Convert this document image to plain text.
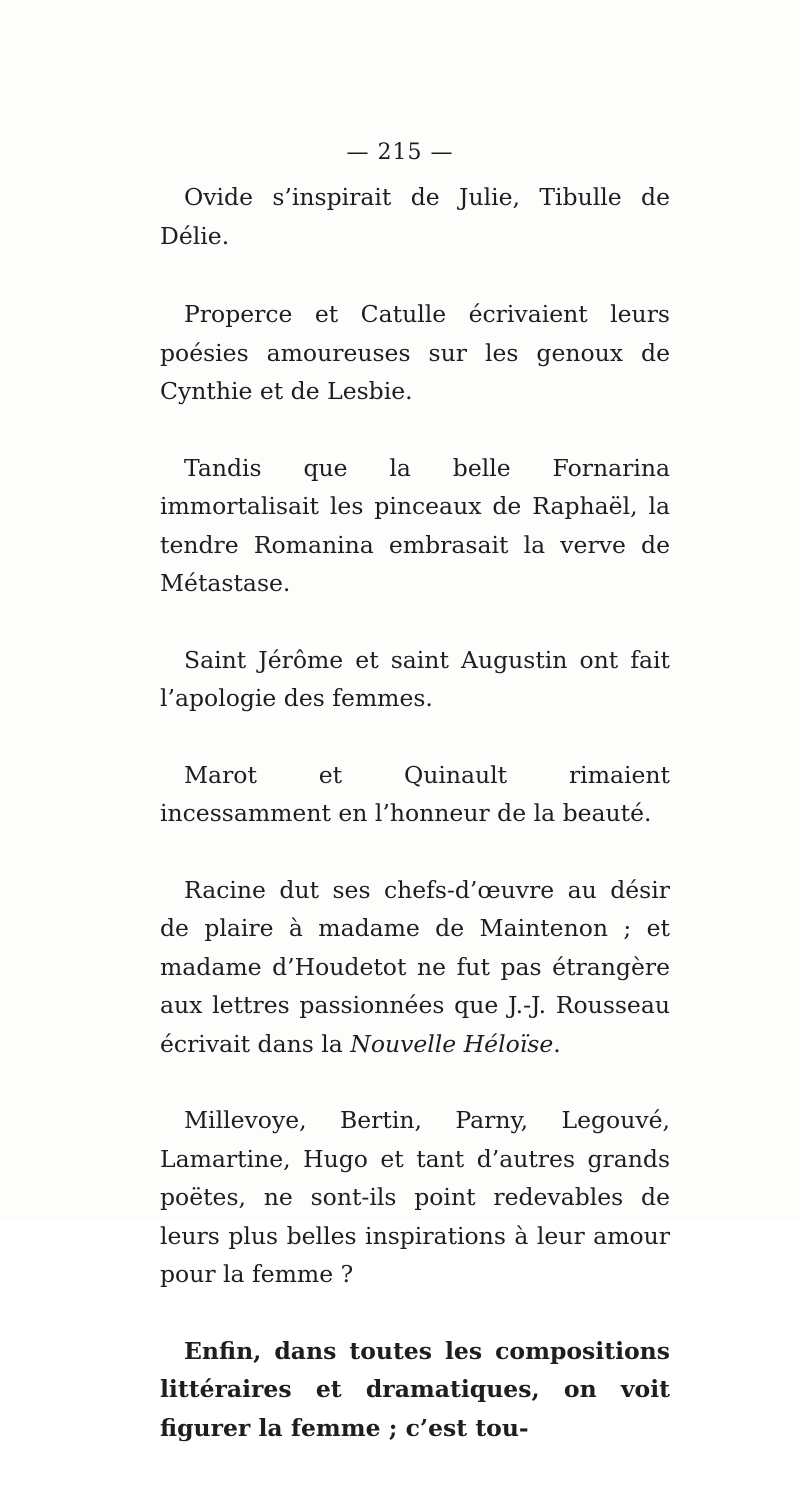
— 215 —

Ovide s’inspirait de Julie, Tibulle de Délie.

Properce et Catulle écrivaient leurs poésies amoureuses sur les genoux de Cynthie et de Lesbie.

Tandis que la belle Fornarina immortalisait les pinceaux de Raphaël, la tendre Romanina embrasait la verve de Métastase.

Saint Jérôme et saint Augustin ont fait l’apologie des femmes.

Marot et Quinault rimaient incessamment en l’honneur de la beauté.

Racine dut ses chefs-d’œuvre au désir de plaire à madame de Maintenon ; et madame d’Houdetot ne fut pas étrangère aux lettres passionnées que J.-J. Rousseau écrivait dans la Nouvelle Héloïse.

Millevoye, Bertin, Parny, Legouvé, Lamartine, Hugo et tant d’autres grands poëtes, ne sont-ils point redevables de leurs plus belles inspirations à leur amour pour la femme ?

Enfin, dans toutes les compositions littéraires et dramatiques, on voit figurer la femme ; c’est tou-
